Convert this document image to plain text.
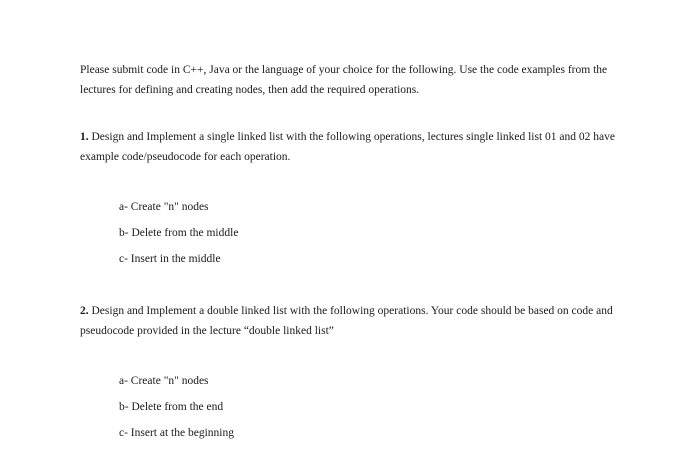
Please submit code in C++, Java or the language of your choice for the following. Use the code examples from the lectures for defining and creating nodes, then add the required operations.

1. Design and Implement a single linked list with the following operations, lectures single linked list 01 and 02 have example code/pseudocode for each operation.

a- Create "n" nodes

b- Delete from the middle

c- Insert in the middle

2. Design and Implement a double linked list with the following operations. Your code should be based on code and pseudocode provided in the lecture “double linked list”

a- Create "n" nodes

b- Delete from the end

c- Insert at the beginning
